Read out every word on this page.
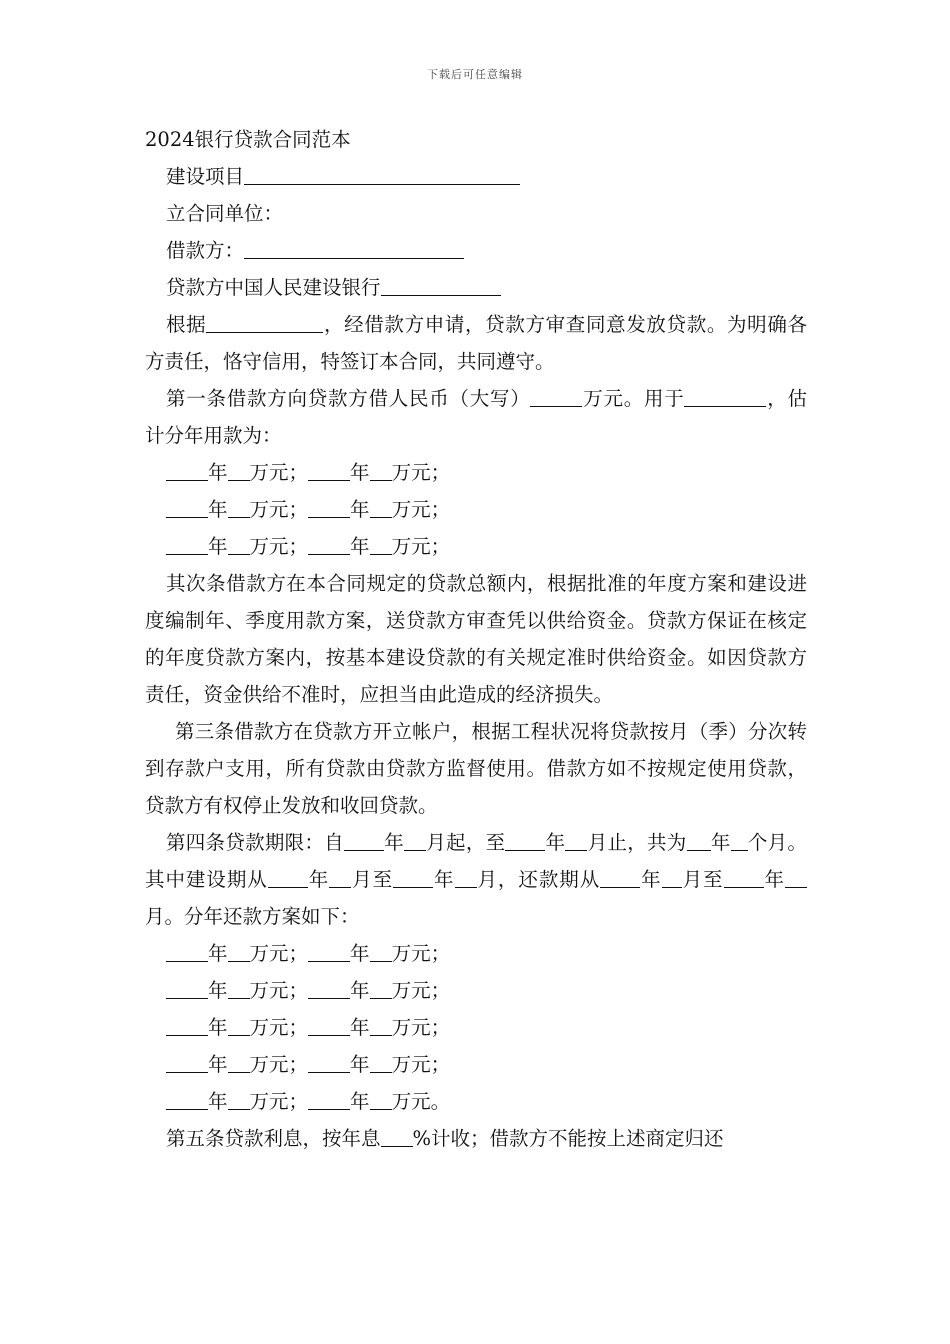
下载后可任意编辑

2024银行贷款合同范本

建设项目

立合同单位：

借款方：

贷款方中国人民建设银行

根据	，经借款方申请，贷款方审查同意发放贷款。为明确各方责任，恪守信用，特签订本合同，共同遵守。

第一条借款方向贷款方借人民币（大写）	万元。用于	，估计分年用款为：

年 万元； 年 万元；

年 万元； 年 万元；

年 万元； 年 万元；

其次条借款方在本合同规定的贷款总额内，根据批准的年度方案和建设进度编制年、季度用款方案，送贷款方审查凭以供给资金。贷款方保证在核定的年度贷款方案内，按基本建设贷款的有关规定准时供给资金。如因贷款方责任，资金供给不准时，应担当由此造成的经济损失。

第三条借款方在贷款方开立帐户，根据工程状况将贷款按月（季）分次转到存款户支用，所有贷款由贷款方监督使用。借款方如不按规定使用贷款，贷款方有权停止发放和收回贷款。

第四条贷款期限：自 年 月起，至 年 月止，共为 年 个月。其中建设期从 年 月至 年 月，还款期从 年 月至 年月。分年还款方案如下：

年 万元； 年 万元；

年 万元； 年 万元；

年 万元； 年 万元；

年 万元； 年 万元；

年 万元； 年 万元。

第五条贷款利息，按年息 %计收；借款方不能按上述商定归还
